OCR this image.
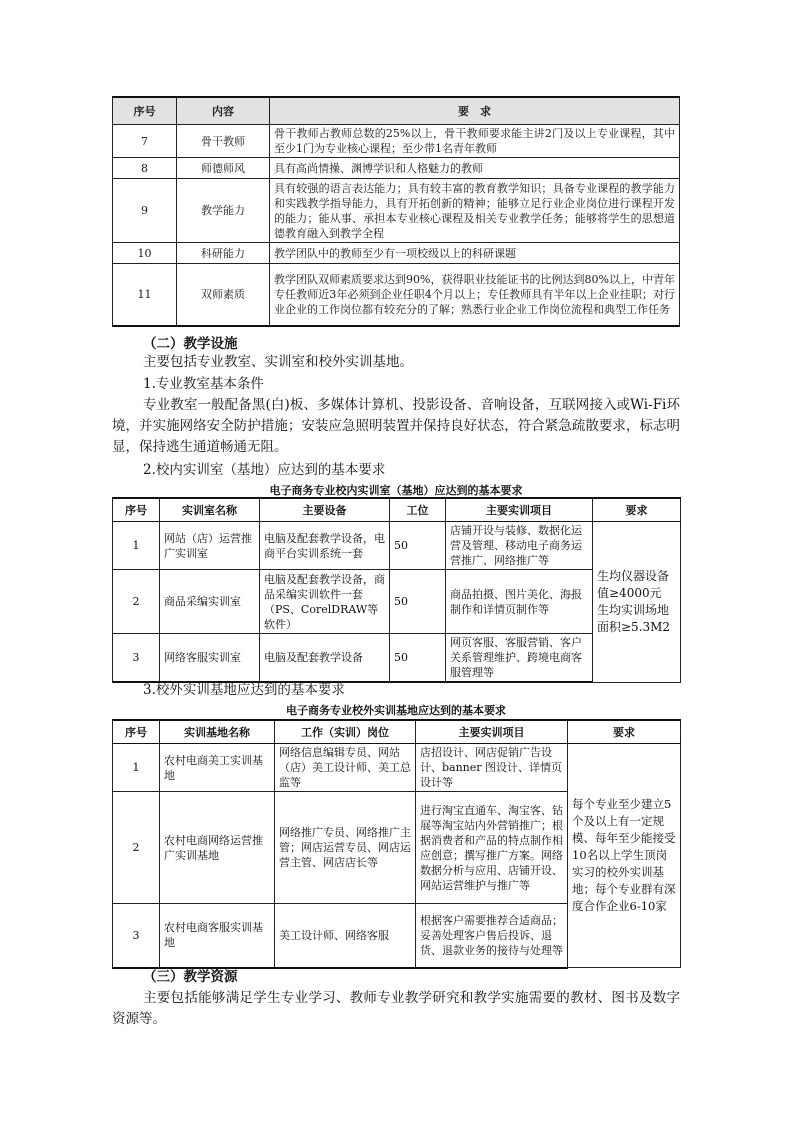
序号	内容	要　求
7	骨干教师	骨干教师占教师总数的25%以上，骨干教师要求能主讲2门及以上专业课程，其中至少1门为专业核心课程；至少带1名青年教师
8	师德师风	具有高尚情操、渊博学识和人格魅力的教师
9	教学能力	具有较强的语言表达能力；具有较丰富的教育教学知识；具备专业课程的教学能力和实践教学指导能力，具有开拓创新的精神；能够立足行业企业岗位进行课程开发的能力；能从事、承担本专业核心课程及相关专业教学任务；能够将学生的思想道德教育融入到教学全程
10	科研能力	教学团队中的教师至少有一项校级以上的科研课题
11	双师素质	教学团队双师素质要求达到90%，获得职业技能证书的比例达到80%以上，中青年专任教师近3年必须到企业任职4个月以上；专任教师具有半年以上企业挂职；对行业企业的工作岗位都有较充分的了解；熟悉行业企业工作岗位流程和典型工作任务
（二）教学设施
主要包括专业教室、实训室和校外实训基地。
1.专业教室基本条件
专业教室一般配备黑(白)板、多媒体计算机、投影设备、音响设备，互联网接入或Wi-Fi环境，并实施网络安全防护措施；安装应急照明装置并保持良好状态，符合紧急疏散要求，标志明显，保持逃生通道畅通无阻。
2.校内实训室（基地）应达到的基本要求
电子商务专业校内实训室（基地）应达到的基本要求
序号	实训室名称	主要设备	工位	主要实训项目	要求
1	网站（店）运营推广实训室	电脑及配套教学设备，电商平台实训系统一套	50	店铺开设与装修、数据化运营及管理、移动电子商务运营推广、网络推广等	生均仪器设备值≥4000元
生均实训场地面积≥5.3M2
2	商品采编实训室	电脑及配套教学设备，商品采编实训软件一套（PS、CorelDRAW等软件）	50	商品拍摄、图片美化、海报制作和详情页制作等	
3	网络客服实训室	电脑及配套教学设备	50	网页客服、客服营销、客户关系管理维护、跨境电商客服管理等	
3.校外实训基地应达到的基本要求
电子商务专业校外实训基地应达到的基本要求
序号	实训基地名称	工作（实训）岗位	主要实训项目	要求
1	农村电商美工实训基地	网络信息编辑专员、网站（店）美工设计师、美工总监等	店招设计、网店促销广告设计、banner 图设计、详情页设计等	每个专业至少建立5个及以上有一定规模、每年至少能接受10名以上学生顶岗实习的校外实训基地；每个专业群有深度合作企业6-10家
2	农村电商网络运营推广实训基地	网络推广专员、网络推广主管；网店运营专员、网店运营主管、网店店长等	进行淘宝直通车、淘宝客、钻展等淘宝站内外营销推广；根据消费者和产品的特点制作相应创意；撰写推广方案。网络数据分析与应用、店铺开设、网站运营维护与推广等	
3	农村电商客服实训基地	美工设计师、网络客服	根据客户需要推荐合适商品；妥善处理客户售后投诉、退货、退款业务的接待与处理等	
（三）教学资源
主要包括能够满足学生专业学习、教师专业教学研究和教学实施需要的教材、图书及数字资源等。
